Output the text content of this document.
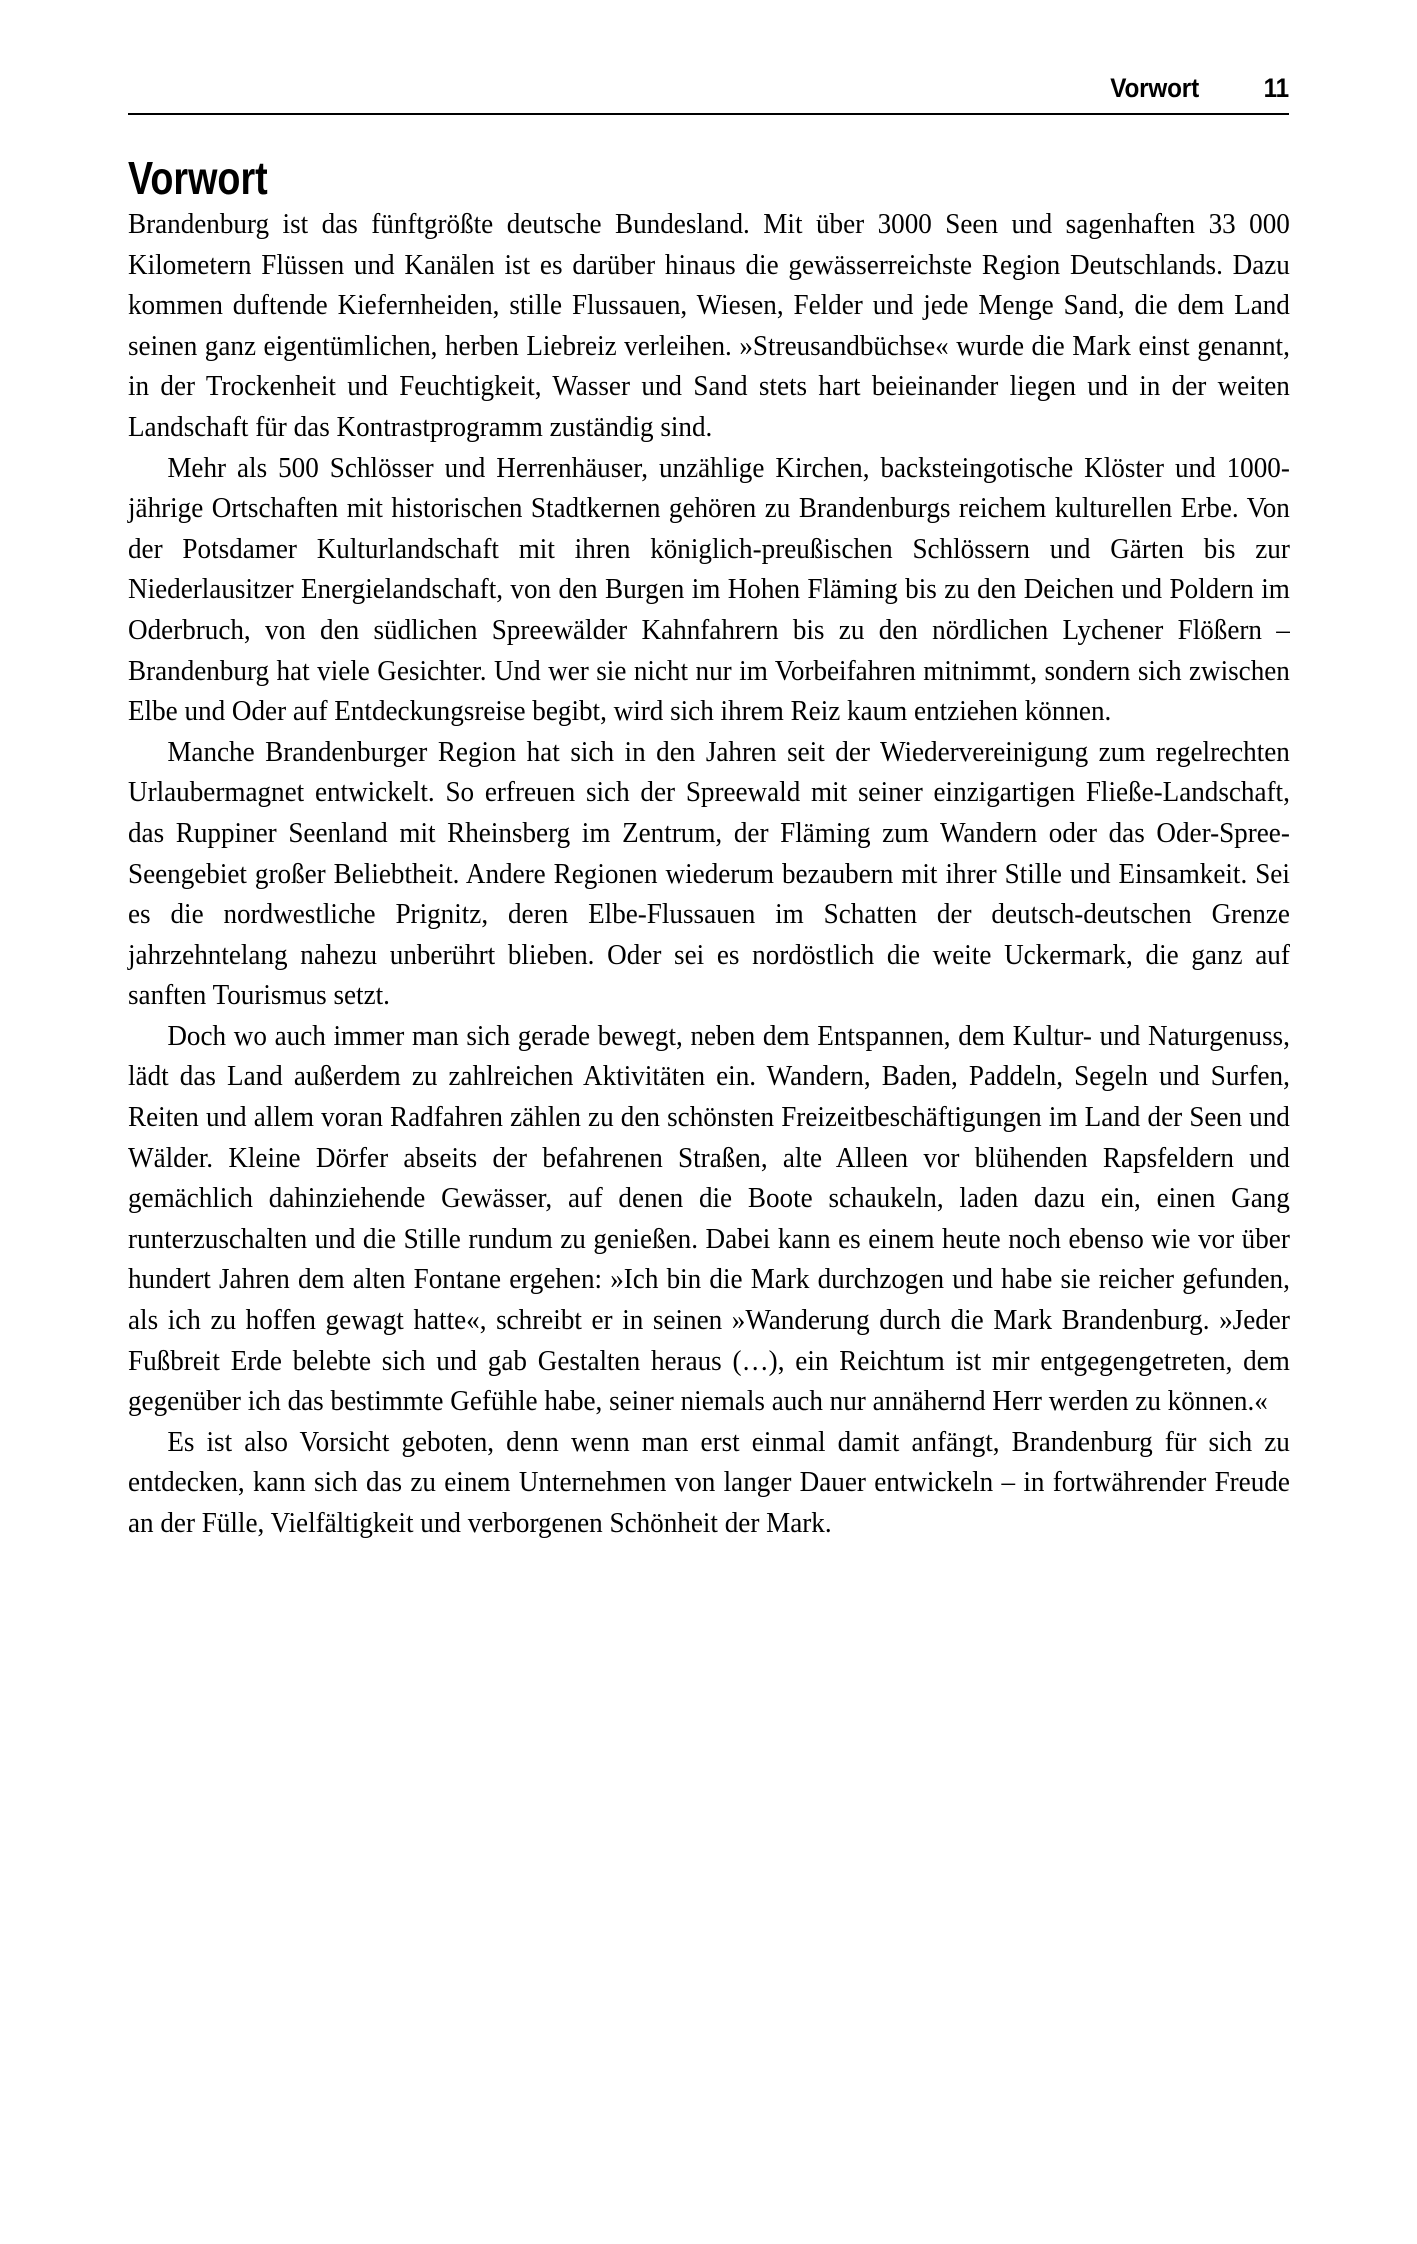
Vorwort 11
Vorwort

Brandenburg ist das fünftgrößte deutsche Bundesland. Mit über 3000 Seen und sagenhaften 33 000 Kilometern Flüssen und Kanälen ist es darüber hinaus die gewässerreichste Region Deutschlands. Dazu kommen duftende Kiefernheiden, stille Flussauen, Wiesen, Felder und jede Menge Sand, die dem Land seinen ganz eigentümlichen, herben Liebreiz verleihen. »Streusandbüchse« wurde die Mark einst genannt, in der Trockenheit und Feuchtigkeit, Wasser und Sand stets hart beieinander liegen und in der weiten Landschaft für das Kontrastprogramm zuständig sind.

Mehr als 500 Schlösser und Herrenhäuser, unzählige Kirchen, backsteingotische Klöster und 1000-jährige Ortschaften mit historischen Stadtkernen gehören zu Brandenburgs reichem kulturellen Erbe. Von der Potsdamer Kulturlandschaft mit ihren königlich-preußischen Schlössern und Gärten bis zur Niederlausitzer Energielandschaft, von den Burgen im Hohen Fläming bis zu den Deichen und Poldern im Oderbruch, von den südlichen Spreewälder Kahnfahrern bis zu den nördlichen Lychener Flößern – Brandenburg hat viele Gesichter. Und wer sie nicht nur im Vorbeifahren mitnimmt, sondern sich zwischen Elbe und Oder auf Entdeckungsreise begibt, wird sich ihrem Reiz kaum entziehen können.

Manche Brandenburger Region hat sich in den Jahren seit der Wiedervereinigung zum regelrechten Urlaubermagnet entwickelt. So erfreuen sich der Spreewald mit seiner einzigartigen Fließe-Landschaft, das Ruppiner Seenland mit Rheinsberg im Zentrum, der Fläming zum Wandern oder das Oder-Spree-Seengebiet großer Beliebtheit. Andere Regionen wiederum bezaubern mit ihrer Stille und Einsamkeit. Sei es die nordwestliche Prignitz, deren Elbe-Flussauen im Schatten der deutsch-deutschen Grenze jahrzehntelang nahezu unberührt blieben. Oder sei es nordöstlich die weite Uckermark, die ganz auf sanften Tourismus setzt.

Doch wo auch immer man sich gerade bewegt, neben dem Entspannen, dem Kultur- und Naturgenuss, lädt das Land außerdem zu zahlreichen Aktivitäten ein. Wandern, Baden, Paddeln, Segeln und Surfen, Reiten und allem voran Radfahren zählen zu den schönsten Freizeitbeschäftigungen im Land der Seen und Wälder. Kleine Dörfer abseits der befahrenen Straßen, alte Alleen vor blühenden Rapsfeldern und gemächlich dahinziehende Gewässer, auf denen die Boote schaukeln, laden dazu ein, einen Gang runterzuschalten und die Stille rundum zu genießen. Dabei kann es einem heute noch ebenso wie vor über hundert Jahren dem alten Fontane ergehen: »Ich bin die Mark durchzogen und habe sie reicher gefunden, als ich zu hoffen gewagt hatte«, schreibt er in seinen »Wanderung durch die Mark Brandenburg. »Jeder Fußbreit Erde belebte sich und gab Gestalten heraus (…), ein Reichtum ist mir entgegengetreten, dem gegenüber ich das bestimmte Gefühle habe, seiner niemals auch nur annähernd Herr werden zu können.«

Es ist also Vorsicht geboten, denn wenn man erst einmal damit anfängt, Brandenburg für sich zu entdecken, kann sich das zu einem Unternehmen von langer Dauer entwickeln – in fortwährender Freude an der Fülle, Vielfältigkeit und verborgenen Schönheit der Mark.
